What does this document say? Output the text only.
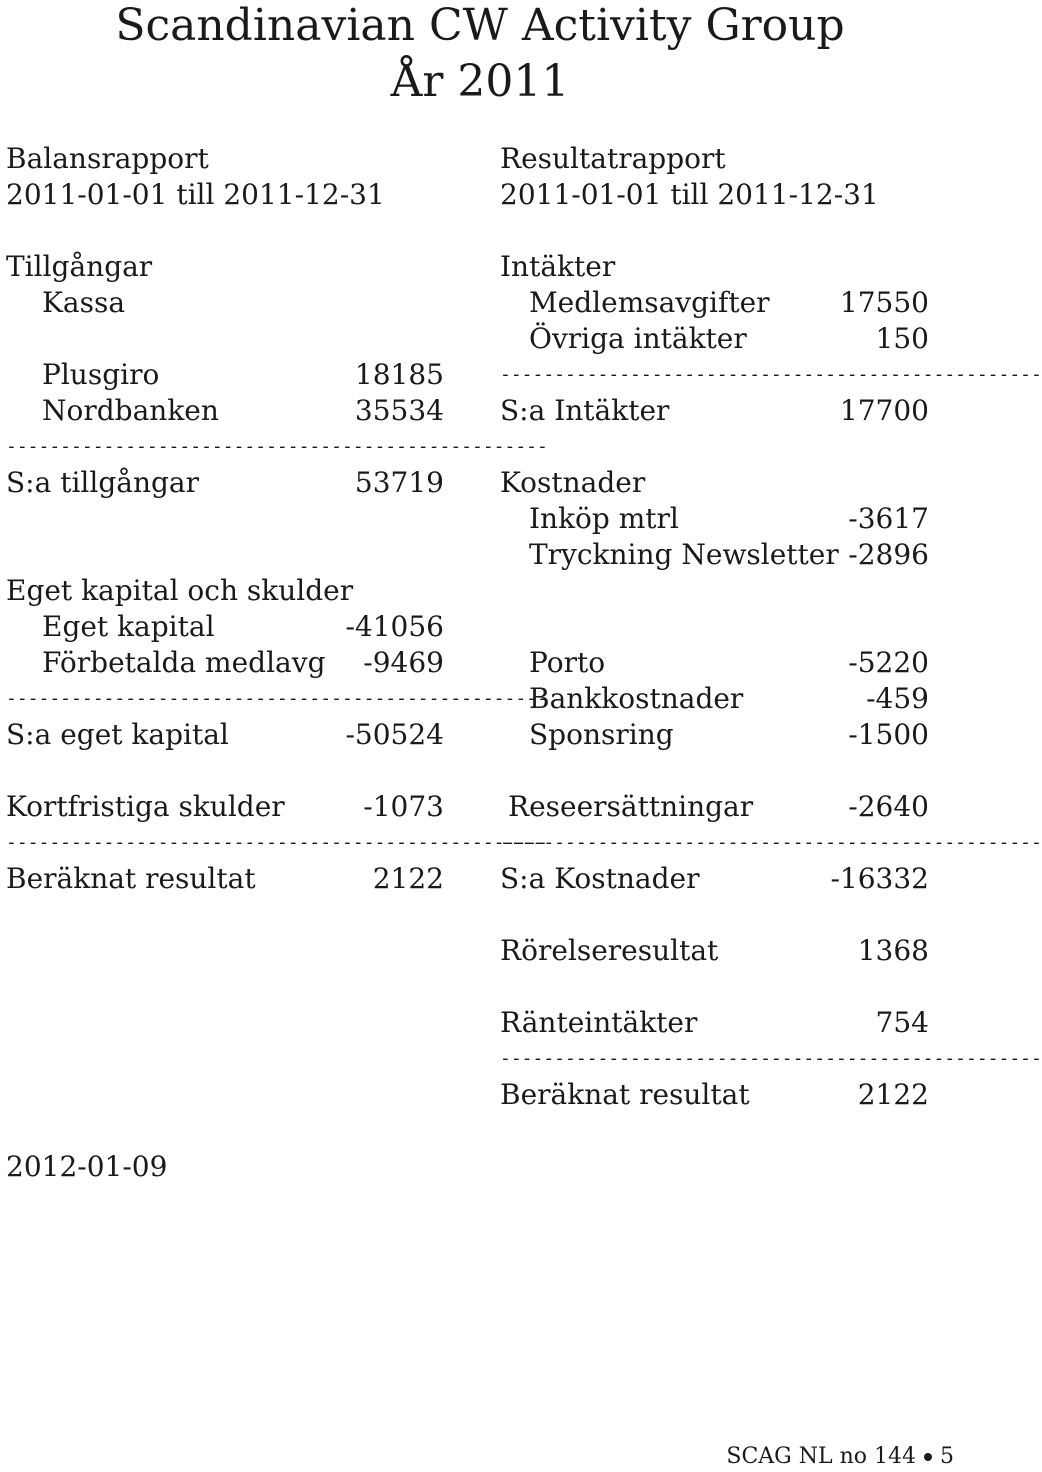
Scandinavian CW Activity Group
År 2011
Balansrapport
2011-01-01 till 2011-12-31
Tillgångar
Kassa
Plusgiro	18185
Nordbanken	35534
--------------------------------------------------
S:a tillgångar	53719
Eget kapital och skulder
Eget kapital	-41056
Förbetalda medlavg -9469
--------------------------------------------------
S:a eget kapital	-50524
Kortfristiga skulder	-1073
--------------------------------------------------
Beräknat resultat	2122
Resultatrapport
2011-01-01 till 2011-12-31
Intäkter
Medlemsavgifter	17550
Övriga intäkter	150
--------------------------------------------------
S:a Intäkter	17700
Kostnader
Inköp mtrl	-3617
Tryckning Newsletter -2896
Porto	-5220
Bankkostnader	-459
Sponsring	-1500
Reseersättningar	-2640
--------------------------------------------------
S:a Kostnader	-16332
Rörelseresultat	1368
Ränteintäkter	754
--------------------------------------------------
Beräknat resultat	2122
2012-01-09
SCAG NL no 144 5
